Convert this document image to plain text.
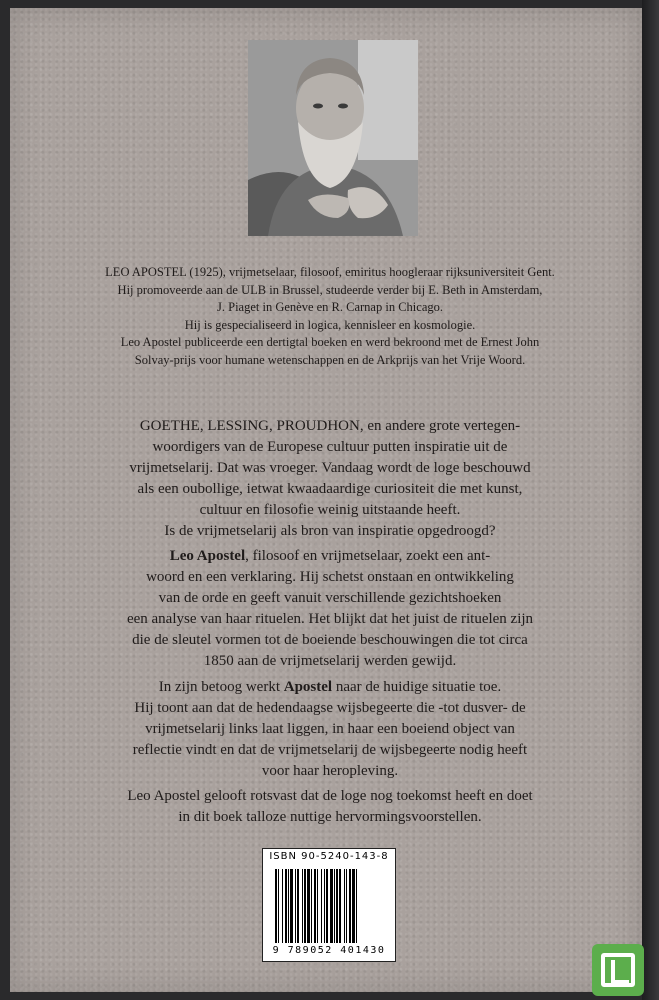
LEO APOSTEL (1925), vrijmetselaar, filosoof, emiritus hoogleraar rijksuniversiteit Gent.
Hij promoveerde aan de ULB in Brussel, studeerde verder bij E. Beth in Amsterdam,
J. Piaget in Genève en R. Carnap in Chicago.
Hij is gespecialiseerd in logica, kennisleer en kosmologie.
Leo Apostel publiceerde een dertigtal boeken en werd bekroond met de Ernest John
Solvay-prijs voor humane wetenschappen en de Arkprijs van het Vrije Woord.
GOETHE, LESSING, PROUDHON, en andere grote vertegen-
woordigers van de Europese cultuur putten inspiratie uit de
vrijmetselarij. Dat was vroeger. Vandaag wordt de loge beschouwd
als een oubollige, ietwat kwaadaardige curiositeit die met kunst,
cultuur en filosofie weinig uitstaande heeft.
Is de vrijmetselarij als bron van inspiratie opgedroogd?
Leo Apostel, filosoof en vrijmetselaar, zoekt een ant-
woord en een verklaring. Hij schetst onstaan en ontwikkeling
van de orde en geeft vanuit verschillende gezichtshoeken
een analyse van haar rituelen. Het blijkt dat het juist de rituelen zijn
die de sleutel vormen tot de boeiende beschouwingen die tot circa
1850 aan de vrijmetselarij werden gewijd.
In zijn betoog werkt Apostel naar de huidige situatie toe.
Hij toont aan dat de hedendaagse wijsbegeerte die -tot dusver- de
vrijmetselarij links laat liggen, in haar een boeiend object van
reflectie vindt en dat de vrijmetselarij de wijsbegeerte nodig heeft
voor haar heropleving.
Leo Apostel gelooft rotsvast dat de loge nog toekomst heeft en doet
in dit boek talloze nuttige hervormingsvoorstellen.
ISBN 90-5240-143-8
9 789052 401430
